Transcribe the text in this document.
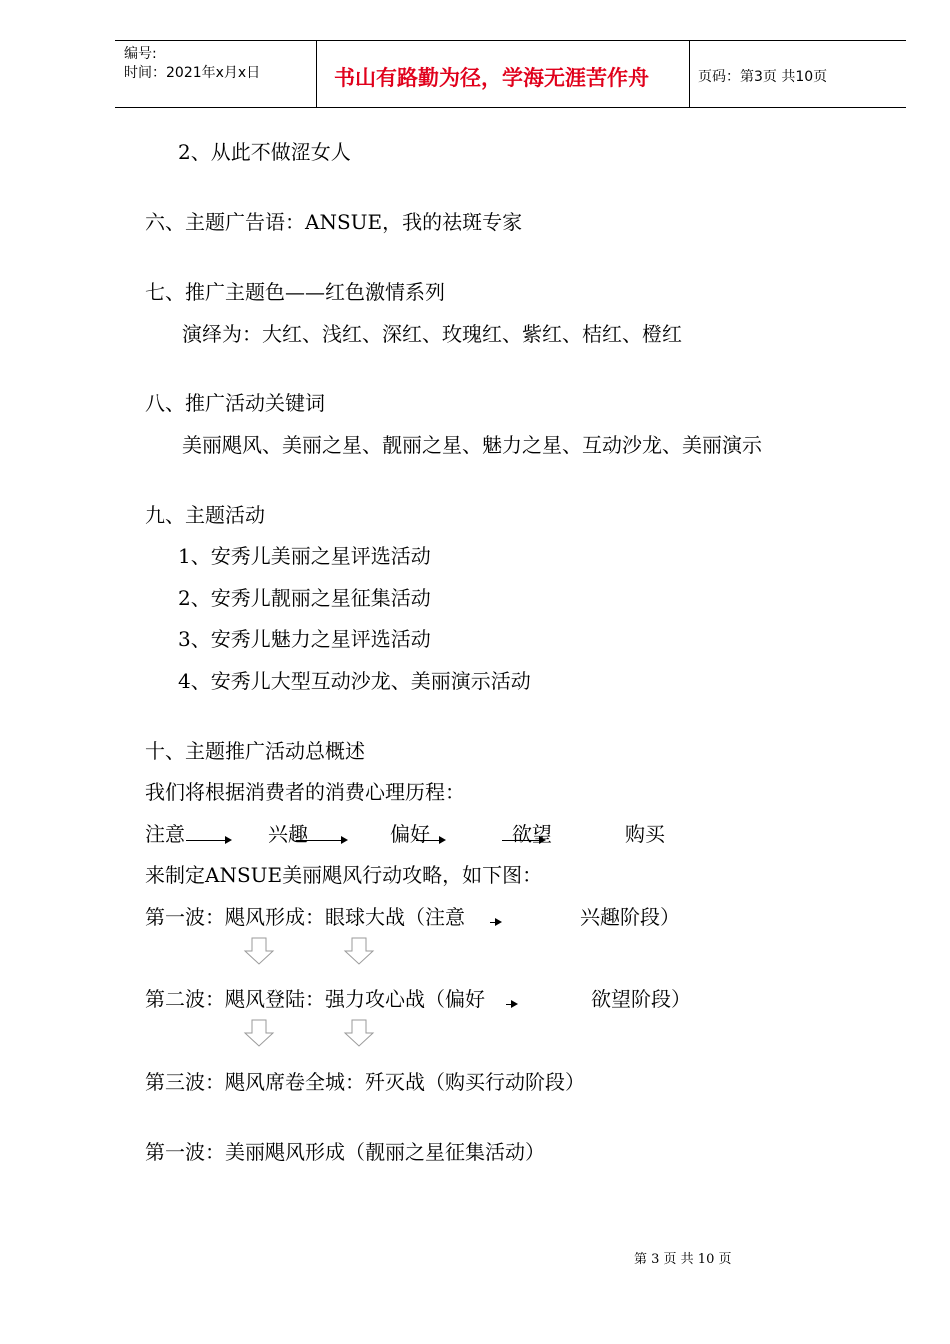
编号:
时间：2021年x月x日	书山有路勤为径，学海无涯苦作舟	页码：第3页 共10页
2、从此不做涩女人
六、主题广告语：ANSUE，我的祛斑专家
七、推广主题色——红色激情系列
演绎为：大红、浅红、深红、玫瑰红、紫红、桔红、橙红
八、推广活动关键词
美丽飓风、美丽之星、靓丽之星、魅力之星、互动沙龙、美丽演示
九、主题活动
1、安秀儿美丽之星评选活动
2、安秀儿靓丽之星征集活动
3、安秀儿魅力之星评选活动
4、安秀儿大型互动沙龙、美丽演示活动
十、主题推广活动总概述
我们将根据消费者的消费心理历程：
注意	兴趣	偏好	欲望	购买
来制定ANSUE美丽飓风行动攻略，如下图：
第一波：飓风形成：眼球大战（注意	兴趣阶段）
第二波：飓风登陆：强力攻心战（偏好	欲望阶段）
第三波：飓风席卷全城：歼灭战（购买行动阶段）
第一波：美丽飓风形成（靓丽之星征集活动）
第 3 页 共 10 页
